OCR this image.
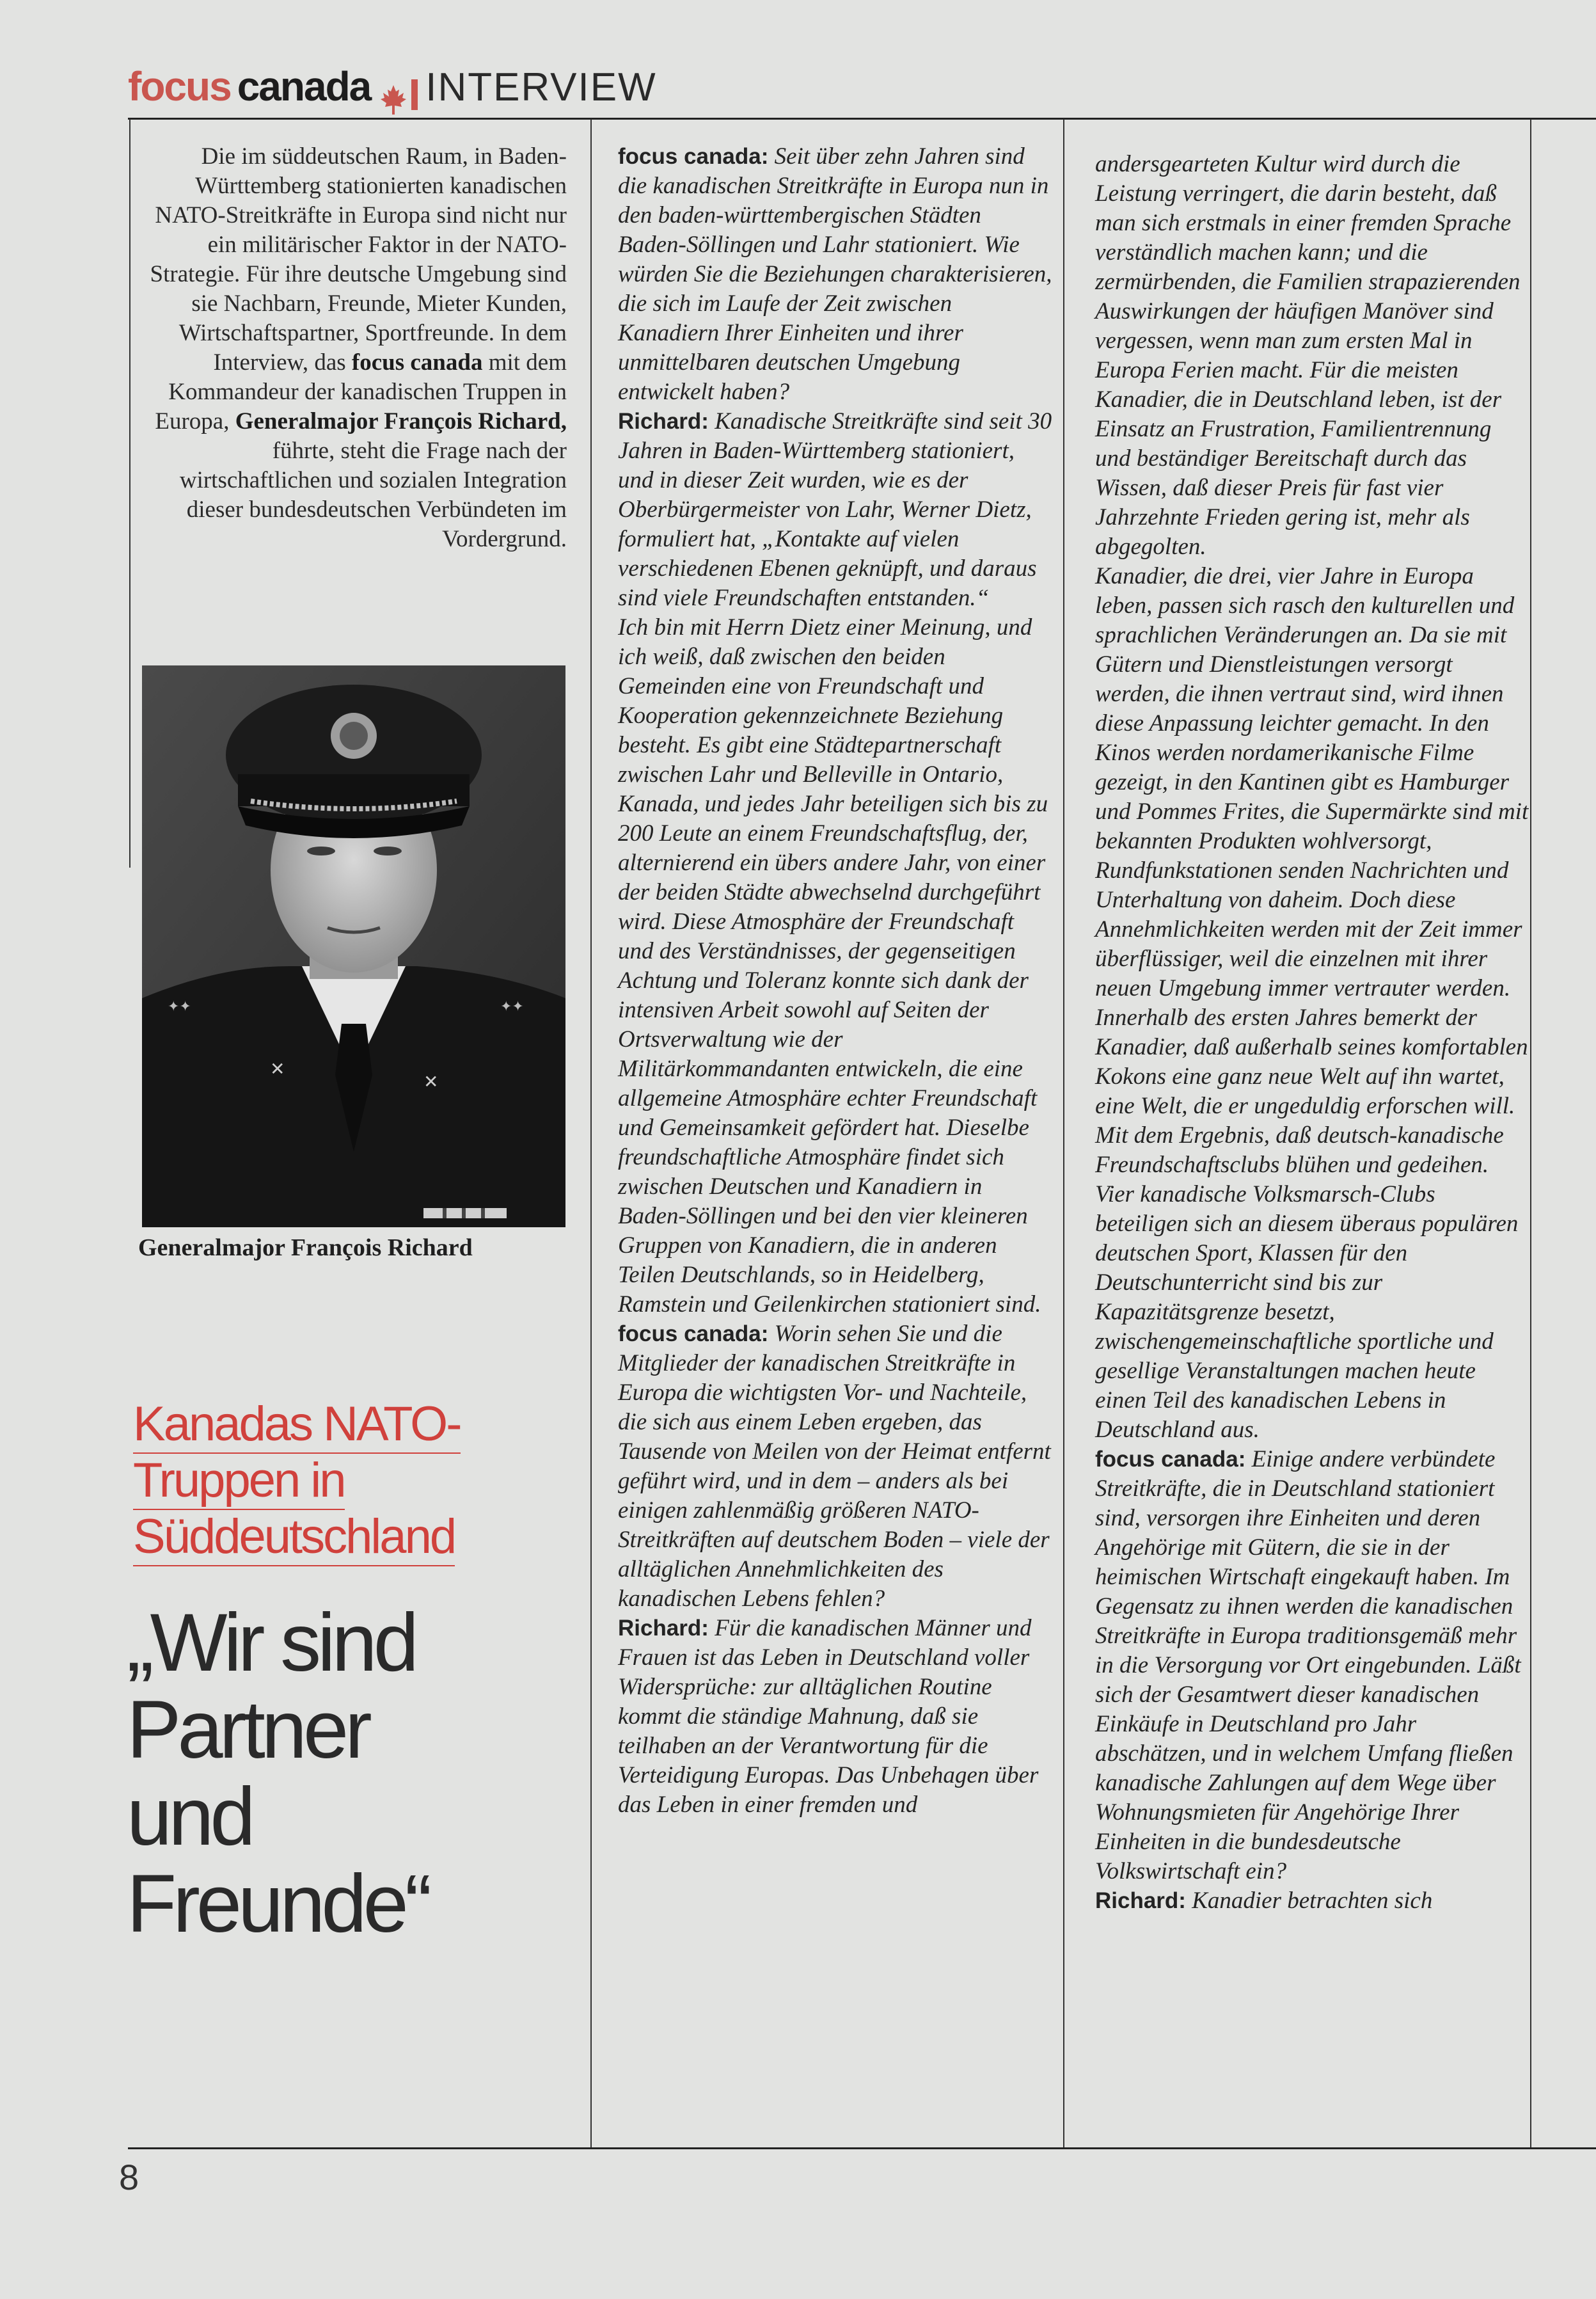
focus canada INTERVIEW
Die im süddeutschen Raum, in Baden-Württemberg stationierten kanadischen NATO-Streitkräfte in Europa sind nicht nur ein militärischer Faktor in der NATO-Strategie. Für ihre deutsche Umgebung sind sie Nachbarn, Freunde, Mieter Kunden, Wirtschaftspartner, Sportfreunde. In dem Interview, das focus canada mit dem Kommandeur der kanadischen Truppen in Europa, Generalmajor François Richard, führte, steht die Frage nach der wirtschaftlichen und sozialen Integration dieser bundesdeutschen Verbündeten im Vordergrund.
✕
✕
✦✦	✦✦
Generalmajor François Richard
Kanadas NATO-
Truppen in
Süddeutschland
„Wir sind
Partner
und
Freunde“
focus canada: Seit über zehn Jahren sind die kanadischen Streitkräfte in Europa nun in den baden-württembergischen Städten Baden-Söllingen und Lahr stationiert. Wie würden Sie die Beziehungen charakterisieren, die sich im Laufe der Zeit zwischen Kanadiern Ihrer Einheiten und ihrer unmittelbaren deutschen Umgebung entwickelt haben?
Richard: Kanadische Streitkräfte sind seit 30 Jahren in Baden-Württemberg stationiert, und in dieser Zeit wurden, wie es der Oberbürgermeister von Lahr, Werner Dietz, formuliert hat, „Kontakte auf vielen verschiedenen Ebenen geknüpft, und daraus sind viele Freundschaften entstanden.“
Ich bin mit Herrn Dietz einer Meinung, und ich weiß, daß zwischen den beiden Gemeinden eine von Freundschaft und Kooperation gekennzeichnete Beziehung besteht. Es gibt eine Städtepartnerschaft zwischen Lahr und Belleville in Ontario, Kanada, und jedes Jahr beteiligen sich bis zu 200 Leute an einem Freundschaftsflug, der, alternierend ein übers andere Jahr, von einer der beiden Städte abwechselnd durchgeführt wird. Diese Atmosphäre der Freundschaft und des Verständnisses, der gegenseitigen Achtung und Toleranz konnte sich dank der intensiven Arbeit sowohl auf Seiten der Ortsverwaltung wie der Militärkommandanten entwickeln, die eine allgemeine Atmosphäre echter Freundschaft und Gemeinsamkeit gefördert hat. Dieselbe freundschaftliche Atmosphäre findet sich zwischen Deutschen und Kanadiern in Baden-Söllingen und bei den vier kleineren Gruppen von Kanadiern, die in anderen Teilen Deutschlands, so in Heidelberg, Ramstein und Geilenkirchen stationiert sind.
focus canada: Worin sehen Sie und die Mitglieder der kanadischen Streitkräfte in Europa die wichtigsten Vor- und Nachteile, die sich aus einem Leben ergeben, das Tausende von Meilen von der Heimat entfernt geführt wird, und in dem – anders als bei einigen zahlenmäßig größeren NATO-Streitkräften auf deutschem Boden – viele der alltäglichen Annehmlichkeiten des kanadischen Lebens fehlen?
Richard: Für die kanadischen Männer und Frauen ist das Leben in Deutschland voller Widersprüche: zur alltäglichen Routine kommt die ständige Mahnung, daß sie teilhaben an der Verantwortung für die Verteidigung Europas. Das Unbehagen über das Leben in einer fremden und
andersgearteten Kultur wird durch die Leistung verringert, die darin besteht, daß man sich erstmals in einer fremden Sprache verständlich machen kann; und die zermürbenden, die Familien strapazierenden Auswirkungen der häufigen Manöver sind vergessen, wenn man zum ersten Mal in Europa Ferien macht. Für die meisten Kanadier, die in Deutschland leben, ist der Einsatz an Frustration, Familientrennung und beständiger Bereitschaft durch das Wissen, daß dieser Preis für fast vier Jahrzehnte Frieden gering ist, mehr als abgegolten.
Kanadier, die drei, vier Jahre in Europa leben, passen sich rasch den kulturellen und sprachlichen Veränderungen an. Da sie mit Gütern und Dienstleistungen versorgt werden, die ihnen vertraut sind, wird ihnen diese Anpassung leichter gemacht. In den Kinos werden nordamerikanische Filme gezeigt, in den Kantinen gibt es Hamburger und Pommes Frites, die Supermärkte sind mit bekannten Produkten wohlversorgt, Rundfunkstationen senden Nachrichten und Unterhaltung von daheim. Doch diese Annehmlichkeiten werden mit der Zeit immer überflüssiger, weil die einzelnen mit ihrer neuen Umgebung immer vertrauter werden. Innerhalb des ersten Jahres bemerkt der Kanadier, daß außerhalb seines komfortablen Kokons eine ganz neue Welt auf ihn wartet, eine Welt, die er ungeduldig erforschen will. Mit dem Ergebnis, daß deutsch-kanadische Freundschaftsclubs blühen und gedeihen. Vier kanadische Volksmarsch-Clubs beteiligen sich an diesem überaus populären deutschen Sport, Klassen für den Deutschunterricht sind bis zur Kapazitätsgrenze besetzt, zwischengemeinschaftliche sportliche und gesellige Veranstaltungen machen heute einen Teil des kanadischen Lebens in Deutschland aus.
focus canada: Einige andere verbündete Streitkräfte, die in Deutschland stationiert sind, versorgen ihre Einheiten und deren Angehörige mit Gütern, die sie in der heimischen Wirtschaft eingekauft haben. Im Gegensatz zu ihnen werden die kanadischen Streitkräfte in Europa traditionsgemäß mehr in die Versorgung vor Ort eingebunden. Läßt sich der Gesamtwert dieser kanadischen Einkäufe in Deutschland pro Jahr abschätzen, und in welchem Umfang fließen kanadische Zahlungen auf dem Wege über Wohnungsmieten für Angehörige Ihrer Einheiten in die bundesdeutsche Volkswirtschaft ein?
Richard: Kanadier betrachten sich
8
